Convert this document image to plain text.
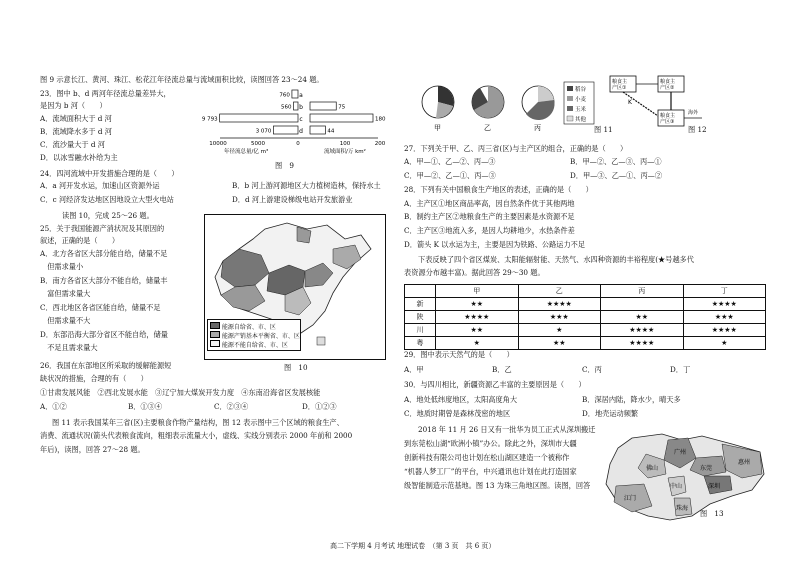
图 9 示意长江、黄河、珠江、松花江年径流总量与流域面积比较，读图回答 23～24 题。
23．图中 b、d 两河年径流总量差异大，
是因为 b 河（　　）
A．流域面积大于 d 河
B．流域降水多于 d 河
C．流沙量大于 d 河
D．以冰雪融水补给为主
a
760
b
560	75
c
9 793	180
d
3 070	44
10000	5000	0	100	200
年径流总量/亿 m³	流域面积/万 km²
图　9
24．四河流域中开发措施合理的是（　　）
A．a 河开发水运，加速山区资源外运	B．b 河上游河源地区大力植树造林，保持水土
C．c 河经济发达地区因地设立大型火电站	D．d 河上游建设梯级电站开发旅游业
读图 10，完成 25～26 题。
25．关于我国能源产消状况及其原因的
叙述，正确的是（　　）
A．北方各省区大部分能自给，储量不足
　但需求量小
B．南方各省区大部分不能自给，储量丰
　富但需求量大
C．西北地区各省区能自给，储量不足
　但需求量不大
D．东部沿海大部分省区不能自给，储量
　不足且需求量大
能源自给省、市、区
能源产销基本平衡省、市、区
能源不能自给省、市、区
图　10
26．我国在东部地区所采取的缓解能源短
缺状况的措施，合理的有（　　）
①甘肃发展风能　②西北发展水能　③辽宁加大煤炭开发力度　④东南沿海省区发展核能
A．①②	B．①③④	C．②③④	D．①②③
图 11 表示我国某年三省(区)主要粮食作物产量结构，图 12 表示图中三个区域的粮食生产、
消费、流通状况(箭头代表粮食流向，粗细表示流量大小，虚线、实线分别表示 2000 年前和 2000
年后)，读图，回答 27～28 题。
甲	乙	丙
稻谷
小麦
玉米
其他
图 11
粮食主
产区①
粮食主
产区②
粮食主
产区③
K
海外
图 12
27．下列关于甲、乙、丙三省(区)与主产区的组合，正确的是（　　）
A．甲—①、乙—②、丙—③	B．甲—②、乙—③、丙—①
C．甲—②、乙—①、丙—③	D．甲—③、乙—①、丙—②
28．下列有关中国粮食生产地区的表述，正确的是（　　）
A．主产区①地区商品率高，因自然条件优于其他两地
B．制约主产区②地粮食生产的主要因素是水资源不足
C．主产区③地流入多，是因人均耕地少，水热条件差
D．箭头 K 以水运为主，主要是因为铁路、公路运力不足
下表反映了四个省区煤炭、太阳能辐射能、天然气、水四种资源的丰裕程度(★号越多代
表资源分布越丰富)。据此回答 29～30 题。
	甲	乙	丙	丁
新	★★	★★★★		★★★★
陕	★★★★	★★★	★★	★★★
川	★★	★	★★★★	★★★★
粤	★	★★	★★★★	★
29．图中表示天然气的是（　　）
A．甲	B．乙	C．丙	D．丁
30．与四川相比，新疆资源乙丰富的主要原因是（　　）
A．地处低纬度地区，太阳高度角大	B．深居内陆，降水少，晴天多
C．地质时期曾是森林茂密的地区	D．地壳运动频繁
2018 年 11 月 26 日又有一批华为员工正式从深圳搬迁
到东莞松山湖“欧洲小镇”办公。除此之外，深圳市大疆
创新科技有限公司也计划在松山湖区建造一个被称作
“机器人梦工厂”的平台，中兴通讯也计划在此打造国家
级智能制造示范基地。图 13 为珠三角地区图。读图，回答
广州
佛山	东莞
惠州
中山	深圳
江门
珠海
图　13
高二下学期 4 月考试 地理试卷　（第 3 页　共 6 页）
